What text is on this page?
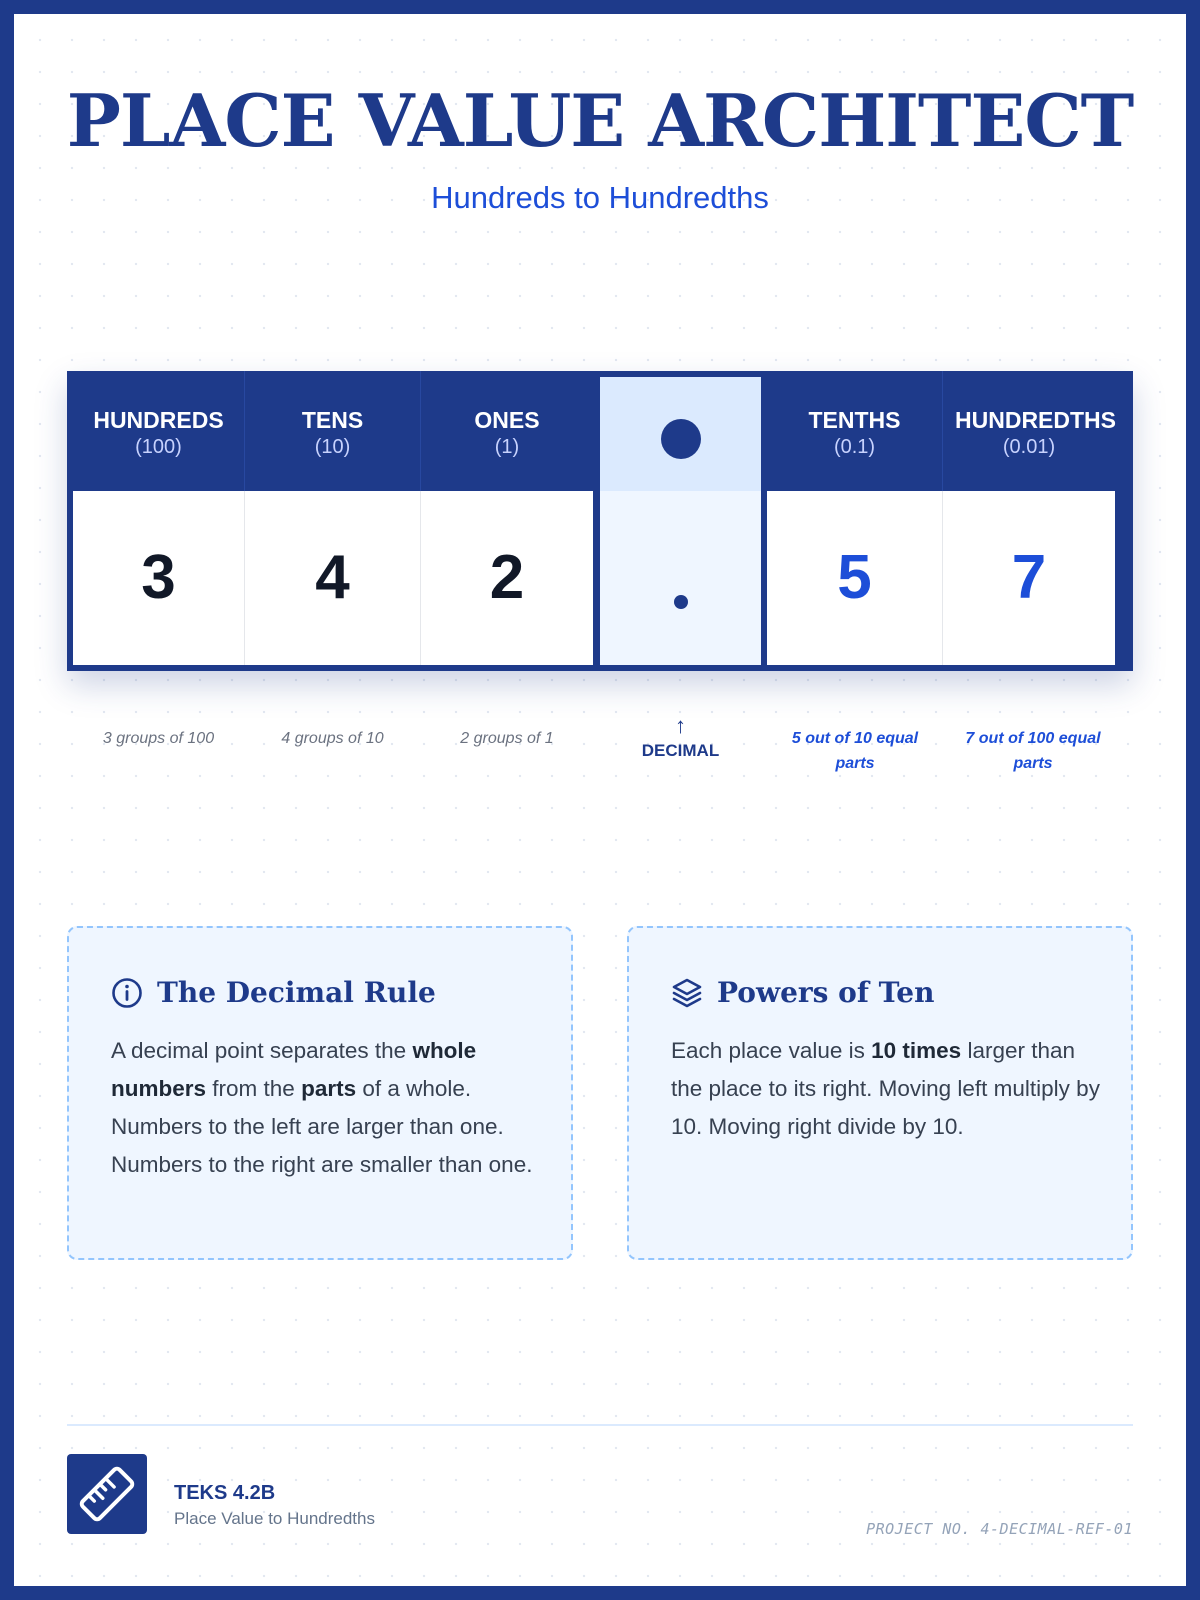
PLACE VALUE ARCHITECT
Hundreds to Hundredths
HUNDREDS
(100)
3
TENS
(10)
4
ONES
(1)
2
TENTHS
(0.1)
5
HUNDREDTHS
(0.01)
7
3 groups of 100	4 groups of 10	2 groups of 1
↑
DECIMAL
5 out of 10 equal parts
7 out of 100 equal parts
The Decimal Rule
A decimal point separates the whole numbers from the parts of a whole. Numbers to the left are larger than one. Numbers to the right are smaller than one.
Powers of Ten
Each place value is 10 times larger than the place to its right. Moving left multiply by 10. Moving right divide by 10.
TEKS 4.2B
Place Value to Hundredths
PROJECT NO. 4-DECIMAL-REF-01
